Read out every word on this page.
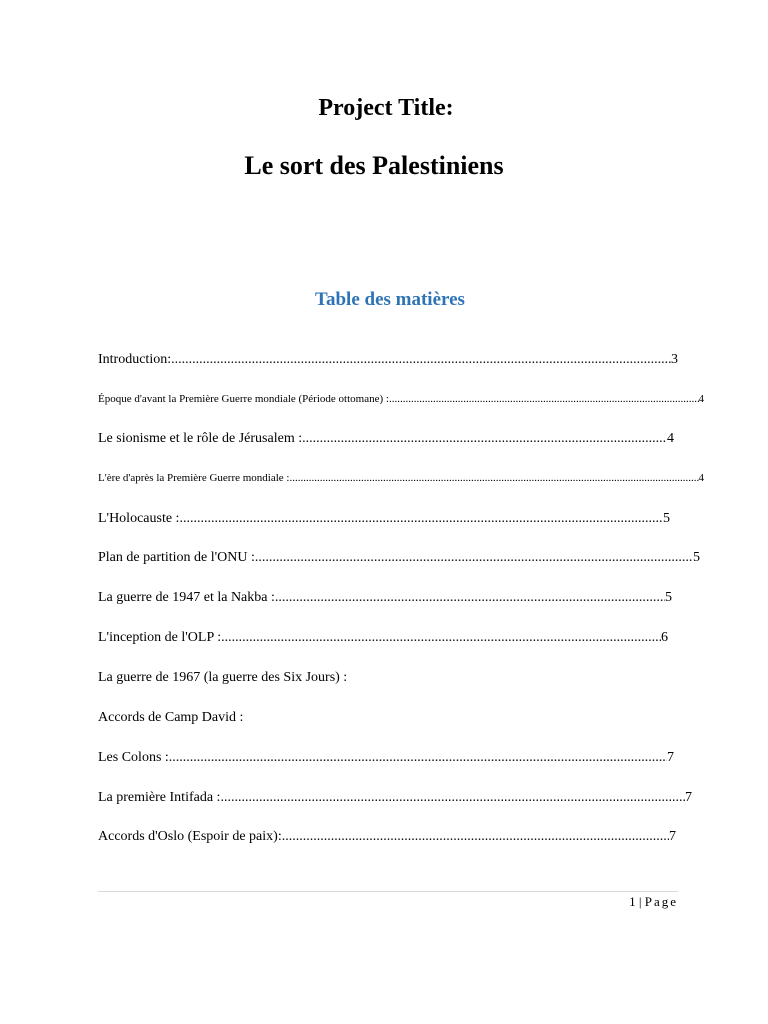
Project Title:
Le sort des Palestiniens
Table des matières
Introduction: .....	3
Époque d'avant la Première Guerre mondiale (Période ottomane) : .....	4
Le sionisme et le rôle de Jérusalem : .....	4
L'ère d'après la Première Guerre mondiale : .....	4
L'Holocauste : .....	5
Plan de partition de l'ONU : .....	5
La guerre de 1947 et la Nakba : .....	5
L'inception de l'OLP : .....	6
La guerre de 1967 (la guerre des Six Jours) :
Accords de Camp David :
Les Colons : .....	7
La première Intifada : .....	7
Accords d'Oslo (Espoir de paix): .....	7
1 | Page
